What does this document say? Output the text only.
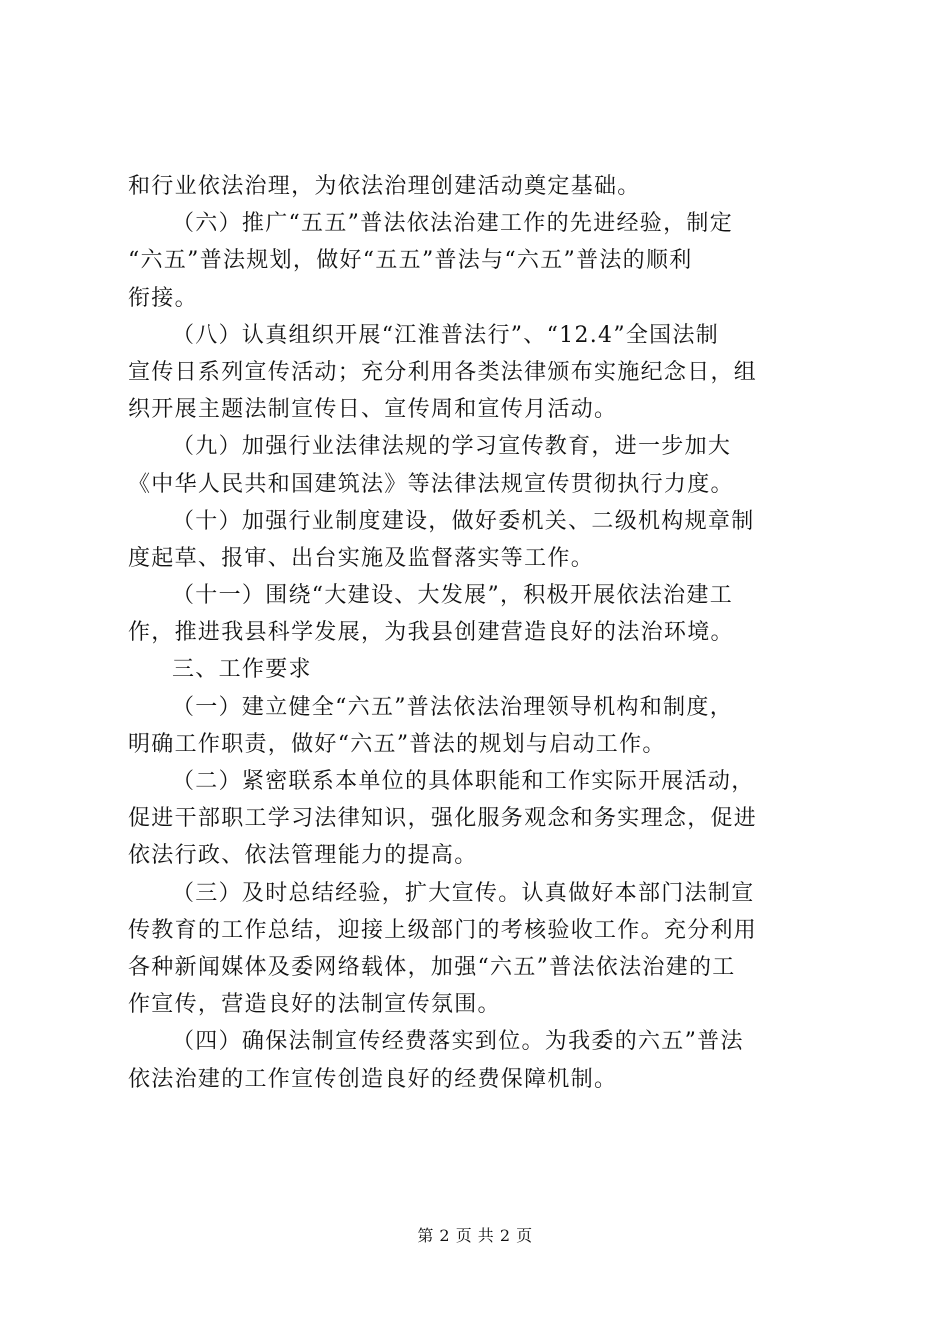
和行业依法治理，为依法治理创建活动奠定基础。
（六）推广“五五”普法依法治建工作的先进经验，制定
“六五”普法规划，做好“五五”普法与“六五”普法的顺利
衔接。
（八）认真组织开展“江淮普法行”、“12.4”全国法制
宣传日系列宣传活动；充分利用各类法律颁布实施纪念日，组
织开展主题法制宣传日、宣传周和宣传月活动。
（九）加强行业法律法规的学习宣传教育，进一步加大
《中华人民共和国建筑法》等法律法规宣传贯彻执行力度。
（十）加强行业制度建设，做好委机关、二级机构规章制
度起草、报审、出台实施及监督落实等工作。
（十一）围绕“大建设、大发展”，积极开展依法治建工
作，推进我县科学发展，为我县创建营造良好的法治环境。
三、工作要求
（一）建立健全“六五”普法依法治理领导机构和制度，
明确工作职责，做好“六五”普法的规划与启动工作。
（二）紧密联系本单位的具体职能和工作实际开展活动，
促进干部职工学习法律知识，强化服务观念和务实理念，促进
依法行政、依法管理能力的提高。
（三）及时总结经验，扩大宣传。认真做好本部门法制宣
传教育的工作总结，迎接上级部门的考核验收工作。充分利用
各种新闻媒体及委网络载体，加强“六五”普法依法治建的工
作宣传，营造良好的法制宣传氛围。
（四）确保法制宣传经费落实到位。为我委的六五”普法
依法治建的工作宣传创造良好的经费保障机制。
第 2 页 共 2 页
